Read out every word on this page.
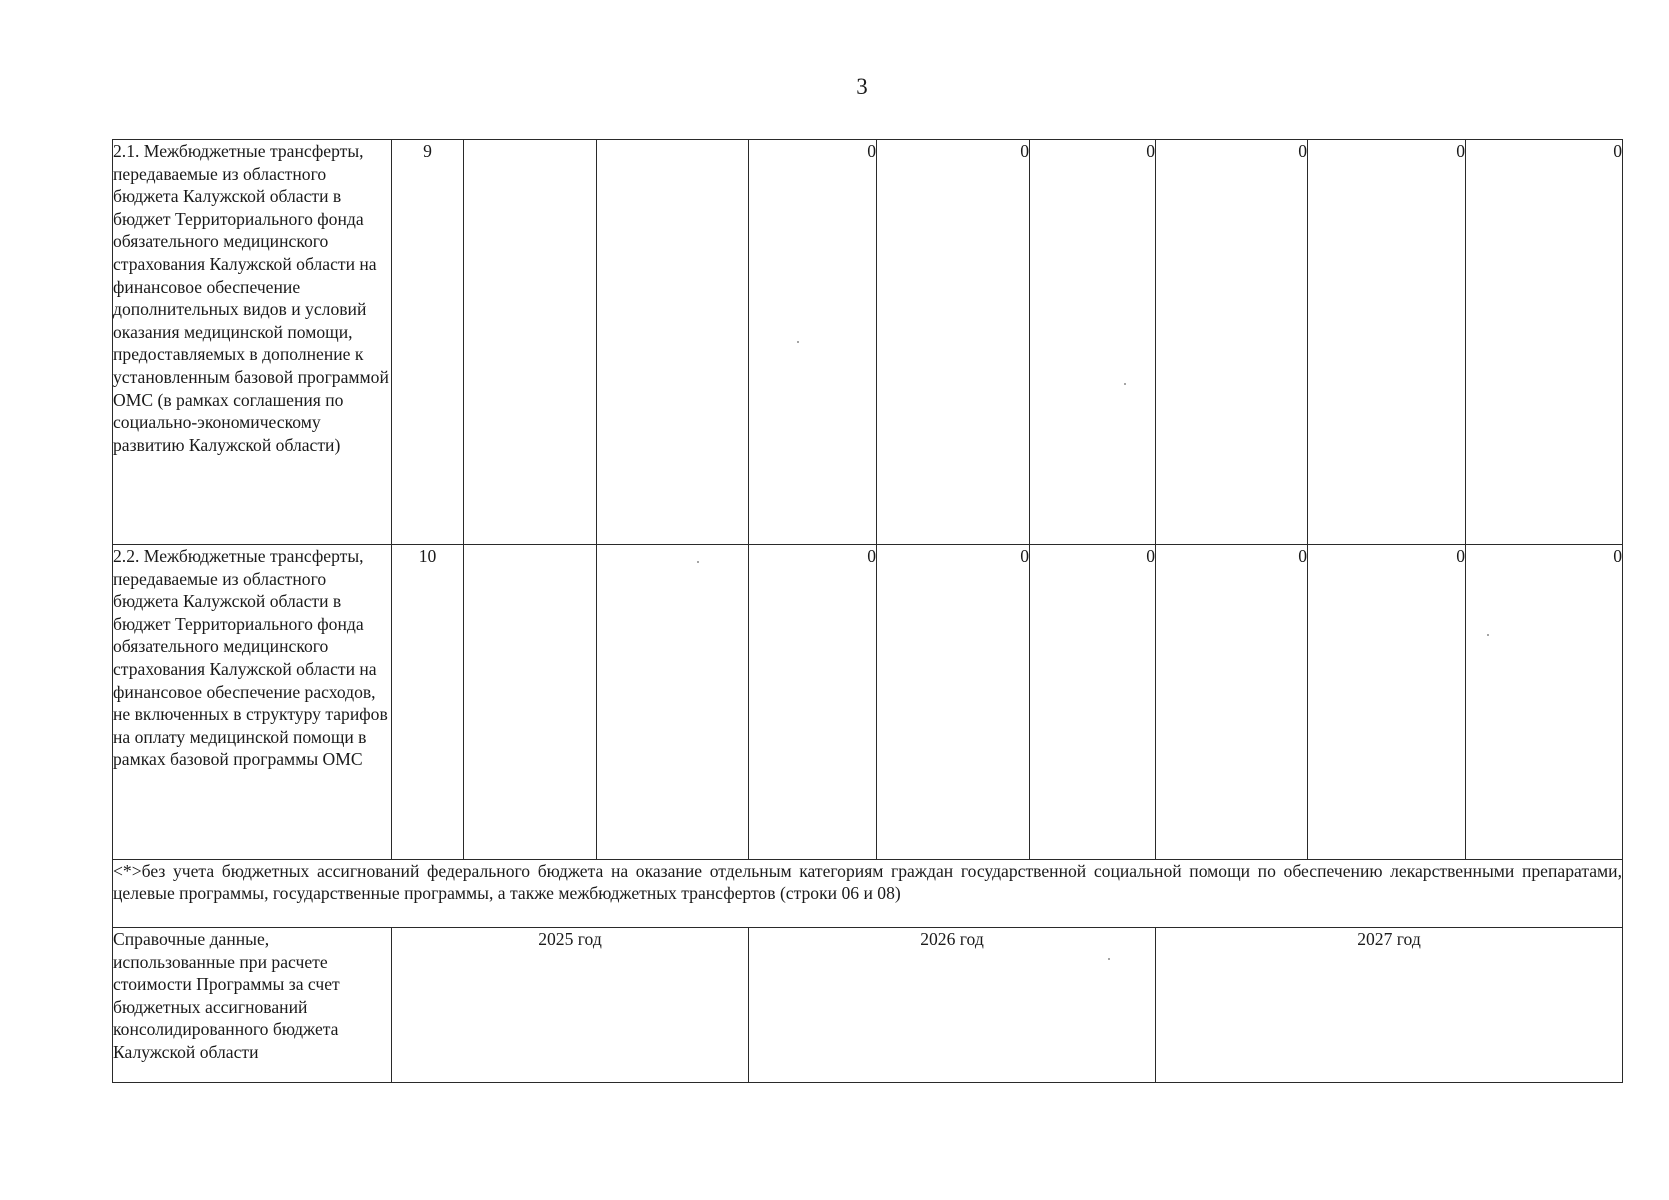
3
2.1. Межбюджетные трансферты, передаваемые из областного бюджета Калужской области в бюджет Территориального фонда обязательного медицинского страхования Калужской области на финансовое обеспечение дополнительных видов и условий оказания медицинской помощи, предоставляемых в дополнение к установленным базовой программой ОМС (в рамках соглашения по социально-экономическому развитию Калужской области)	9			0	0	0	0	0	0
2.2. Межбюджетные трансферты, передаваемые из областного бюджета Калужской области в бюджет Территориального фонда обязательного медицинского страхования Калужской области на финансовое обеспечение расходов, не включенных в структуру тарифов на оплату медицинской помощи в рамках базовой программы ОМС	10			0	0	0	0	0	0
<*>без учета бюджетных ассигнований федерального бюджета на оказание отдельным категориям граждан государственной социальной помощи по обеспечению лекарственными препаратами, целевые программы, государственные программы, а также межбюджетных трансфертов (строки 06 и 08)									
Справочные данные, использованные при расчете стоимости Программы за счет бюджетных ассигнований консолидированного бюджета Калужской области	2025 год			2026 год			2027 год		
